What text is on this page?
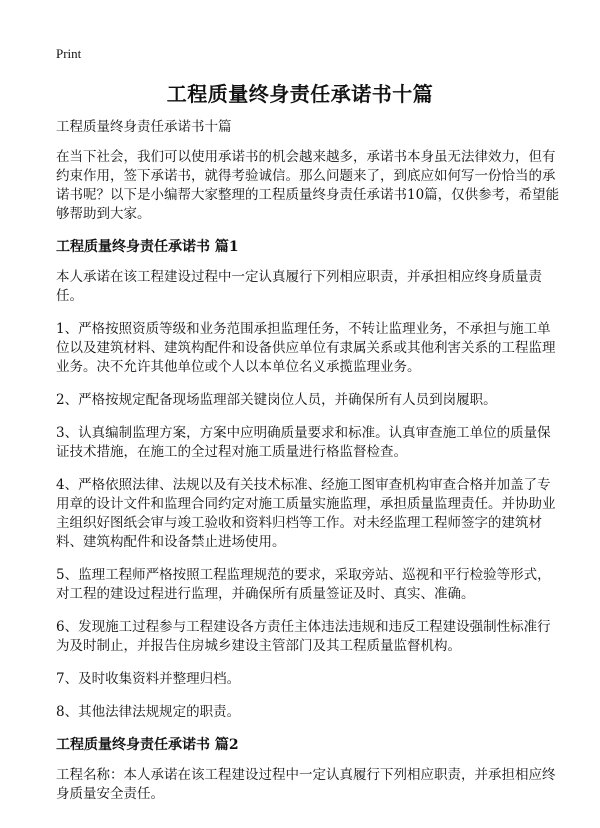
Print
工程质量终身责任承诺书十篇

工程质量终身责任承诺书十篇

在当下社会，我们可以使用承诺书的机会越来越多，承诺书本身虽无法律效力，但有约束作用，签下承诺书，就得考验诚信。那么问题来了，到底应如何写一份恰当的承诺书呢？以下是小编帮大家整理的工程质量终身责任承诺书10篇，仅供参考，希望能够帮助到大家。

工程质量终身责任承诺书 篇1

本人承诺在该工程建设过程中一定认真履行下列相应职责，并承担相应终身质量责任。

1、严格按照资质等级和业务范围承担监理任务，不转让监理业务，不承担与施工单位以及建筑材料、建筑构配件和设备供应单位有隶属关系或其他利害关系的工程监理业务。决不允许其他单位或个人以本单位名义承揽监理业务。

2、严格按规定配备现场监理部关键岗位人员，并确保所有人员到岗履职。

3、认真编制监理方案，方案中应明确质量要求和标准。认真审查施工单位的质量保证技术措施，在施工的全过程对施工质量进行格监督检查。

4、严格依照法律、法规以及有关技术标准、经施工图审查机构审查合格并加盖了专用章的设计文件和监理合同约定对施工质量实施监理，承担质量监理责任。并协助业主组织好图纸会审与竣工验收和资料归档等工作。对未经监理工程师签字的建筑材料、建筑构配件和设备禁止进场使用。

5、监理工程师严格按照工程监理规范的要求，采取旁站、巡视和平行检验等形式，对工程的建设过程进行监理，并确保所有质量签证及时、真实、准确。

6、发现施工过程参与工程建设各方责任主体违法违规和违反工程建设强制性标准行为及时制止，并报告住房城乡建设主管部门及其工程质量监督机构。

7、及时收集资料并整理归档。

8、其他法律法规规定的职责。

工程质量终身责任承诺书 篇2

工程名称：本人承诺在该工程建设过程中一定认真履行下列相应职责，并承担相应终身质量安全责任。
